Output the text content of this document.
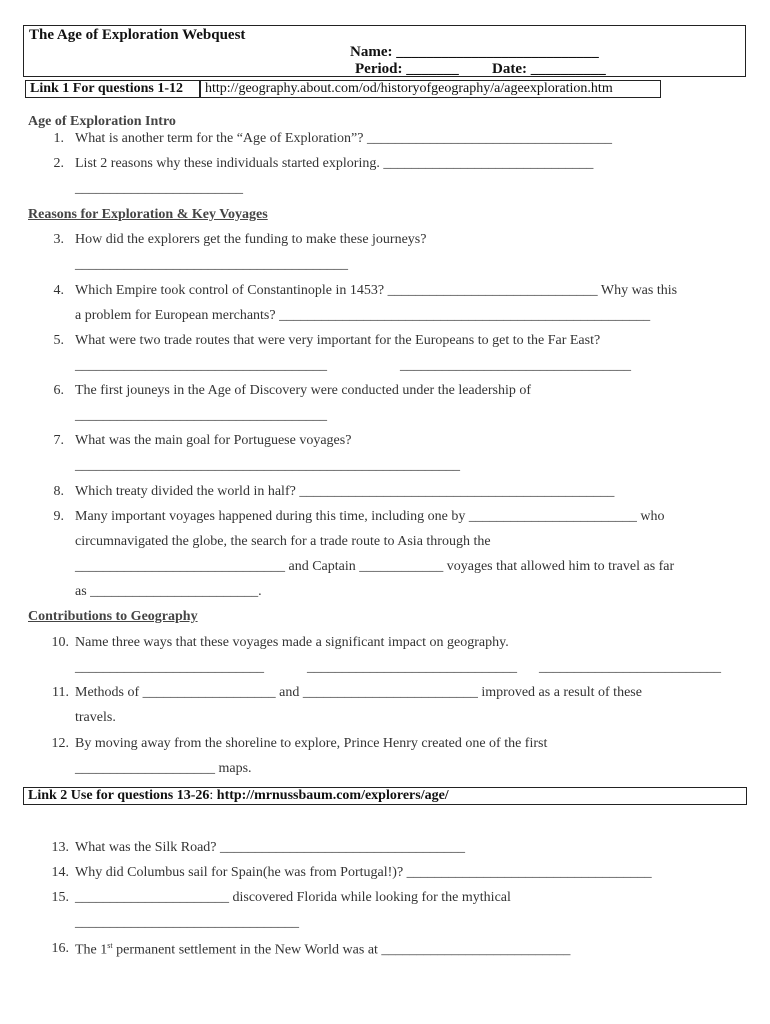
The Age of Exploration Webquest
Name: ___________________________
Period: _______ Date: __________
Link 1 For questions 1-12	http://geography.about.com/od/historyofgeography/a/ageexploration.htm
Age of Exploration Intro
1. What is another term for the “Age of Exploration”? ___________________________________
2. List 2 reasons why these individuals started exploring. ______________________________
________________________
Reasons for Exploration & Key Voyages
3. How did the explorers get the funding to make these journeys?
_______________________________________
4. Which Empire took control of Constantinople in 1453? ______________________________ Why was this
a problem for European merchants? _____________________________________________________
5. What were two trade routes that were very important for the Europeans to get to the Far East?
____________________________________	_________________________________
6. The first jouneys in the Age of Discovery were conducted under the leadership of
____________________________________
7. What was the main goal for Portuguese voyages?
_______________________________________________________
8. Which treaty divided the world in half? _____________________________________________
9. Many important voyages happened during this time, including one by ________________________ who
circumnavigated the globe, the search for a trade route to Asia through the
______________________________ and Captain ____________ voyages that allowed him to travel as far
as ________________________.
Contributions to Geography
10. Name three ways that these voyages made a significant impact on geography.
___________________________	______________________________ __________________________
11. Methods of ___________________ and _________________________ improved as a result of these
travels.
12. By moving away from the shoreline to explore, Prince Henry created one of the first
____________________ maps.
Link 2 Use for questions 13-26: http://mrnussbaum.com/explorers/age/
13. What was the Silk Road? ___________________________________
14. Why did Columbus sail for Spain(he was from Portugal!)? ___________________________________
15. ______________________ discovered Florida while looking for the mythical
________________________________
16. The 1st permanent settlement in the New World was at ___________________________
